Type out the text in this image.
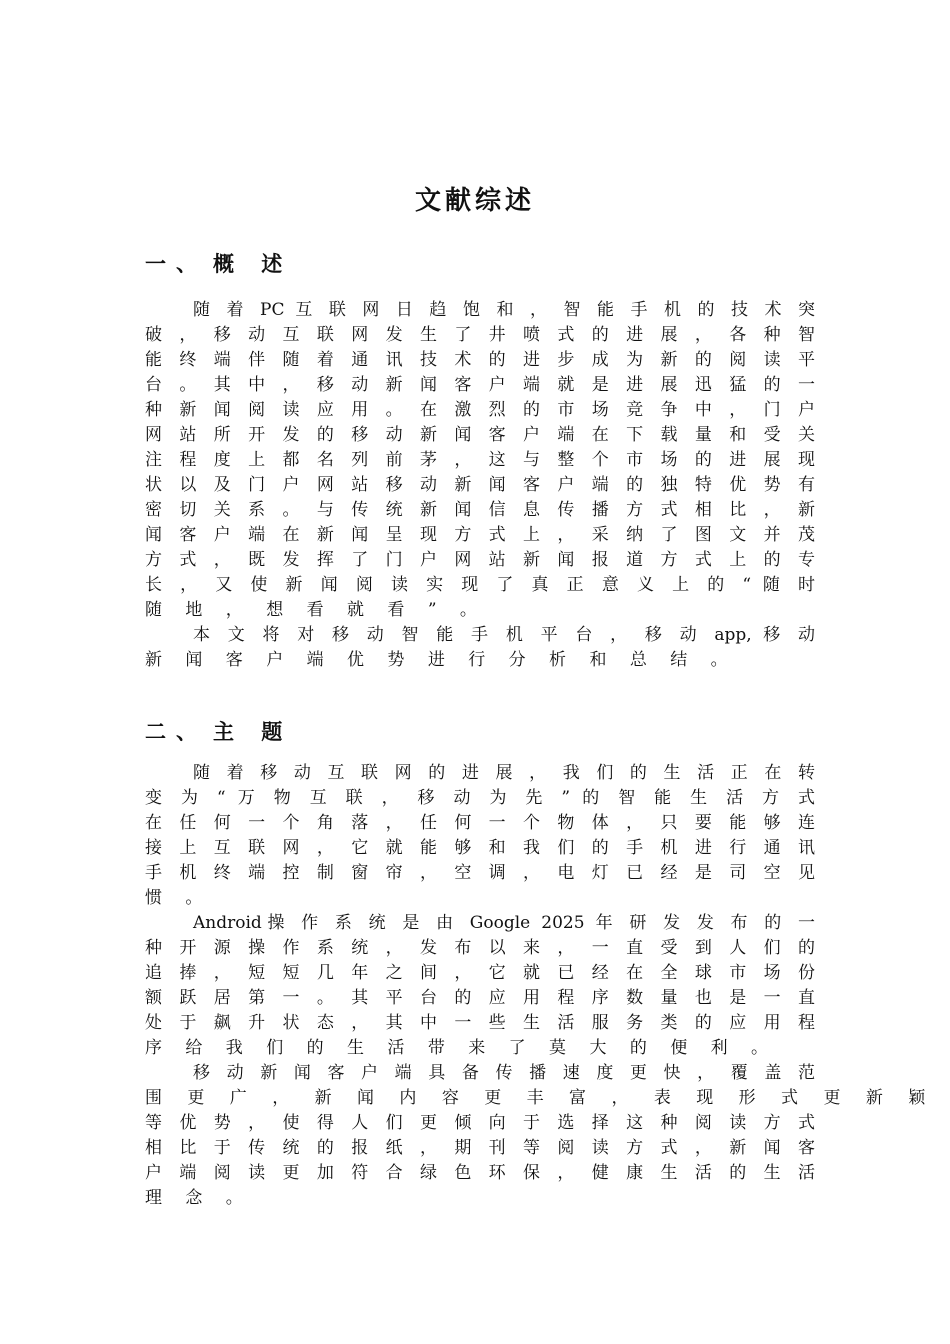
文献综述
一、 概 述
随 着 PC 互 联 网 日 趋 饱 和 ， 智 能 手 机 的 技 术 突
破 ， 移 动 互 联 网 发 生 了 井 喷 式 的 进 展 ， 各 种 智
能 终 端 伴 随 着 通 讯 技 术 的 进 步 成 为 新 的 阅 读 平
台 。 其 中 ， 移 动 新 闻 客 户 端 就 是 进 展 迅 猛 的 一
种 新 闻 阅 读 应 用 。 在 激 烈 的 市 场 竞 争 中 ， 门 户
网 站 所 开 发 的 移 动 新 闻 客 户 端 在 下 载 量 和 受 关
注 程 度 上 都 名 列 前 茅 ， 这 与 整 个 市 场 的 进 展 现
状 以 及 门 户 网 站 移 动 新 闻 客 户 端 的 独 特 优 势 有
密 切 关 系 。 与 传 统 新 闻 信 息 传 播 方 式 相 比 ， 新
闻 客 户 端 在 新 闻 呈 现 方 式 上 ， 采 纳 了 图 文 并 茂
方 式 ， 既 发 挥 了 门 户 网 站 新 闻 报 道 方 式 上 的 专
长 ， 又 使 新 闻 阅 读 实 现 了 真 正 意 义 上 的 “ 随 时
随 地 ， 想 看 就 看 ” 。
本 文 将 对 移 动 智 能 手 机 平 台 ， 移 动 app, 移 动
新 闻 客 户 端 优 势 进 行 分 析 和 总 结 。
二、 主 题
随 着 移 动 互 联 网 的 进 展 ， 我 们 的 生 活 正 在 转
变 为 “ 万 物 互 联 ， 移 动 为 先 ” 的 智 能 生 活 方 式
在 任 何 一 个 角 落 ， 任 何 一 个 物 体 ， 只 要 能 够 连
接 上 互 联 网 ， 它 就 能 够 和 我 们 的 手 机 进 行 通 讯
手 机 终 端 控 制 窗 帘 ， 空 调 ， 电 灯 已 经 是 司 空 见
惯 。
Android操 作 系 统 是 由 Google 2025 年 研 发 发 布 的 一
种 开 源 操 作 系 统 ， 发 布 以 来 ， 一 直 受 到 人 们 的
追 捧 ， 短 短 几 年 之 间 ， 它 就 已 经 在 全 球 市 场 份
额 跃 居 第 一 。 其 平 台 的 应 用 程 序 数 量 也 是 一 直
处 于 飙 升 状 态 ， 其 中 一 些 生 活 服 务 类 的 应 用 程
序 给 我 们 的 生 活 带 来 了 莫 大 的 便 利 。
移 动 新 闻 客 户 端 具 备 传 播 速 度 更 快 ， 覆 盖 范
围 更 广 ， 新 闻 内 容 更 丰 富 ， 表 现 形 式 更 新 颖
等 优 势 ， 使 得 人 们 更 倾 向 于 选 择 这 种 阅 读 方 式
相 比 于 传 统 的 报 纸 ， 期 刊 等 阅 读 方 式 ， 新 闻 客
户 端 阅 读 更 加 符 合 绿 色 环 保 ， 健 康 生 活 的 生 活
理 念 。
